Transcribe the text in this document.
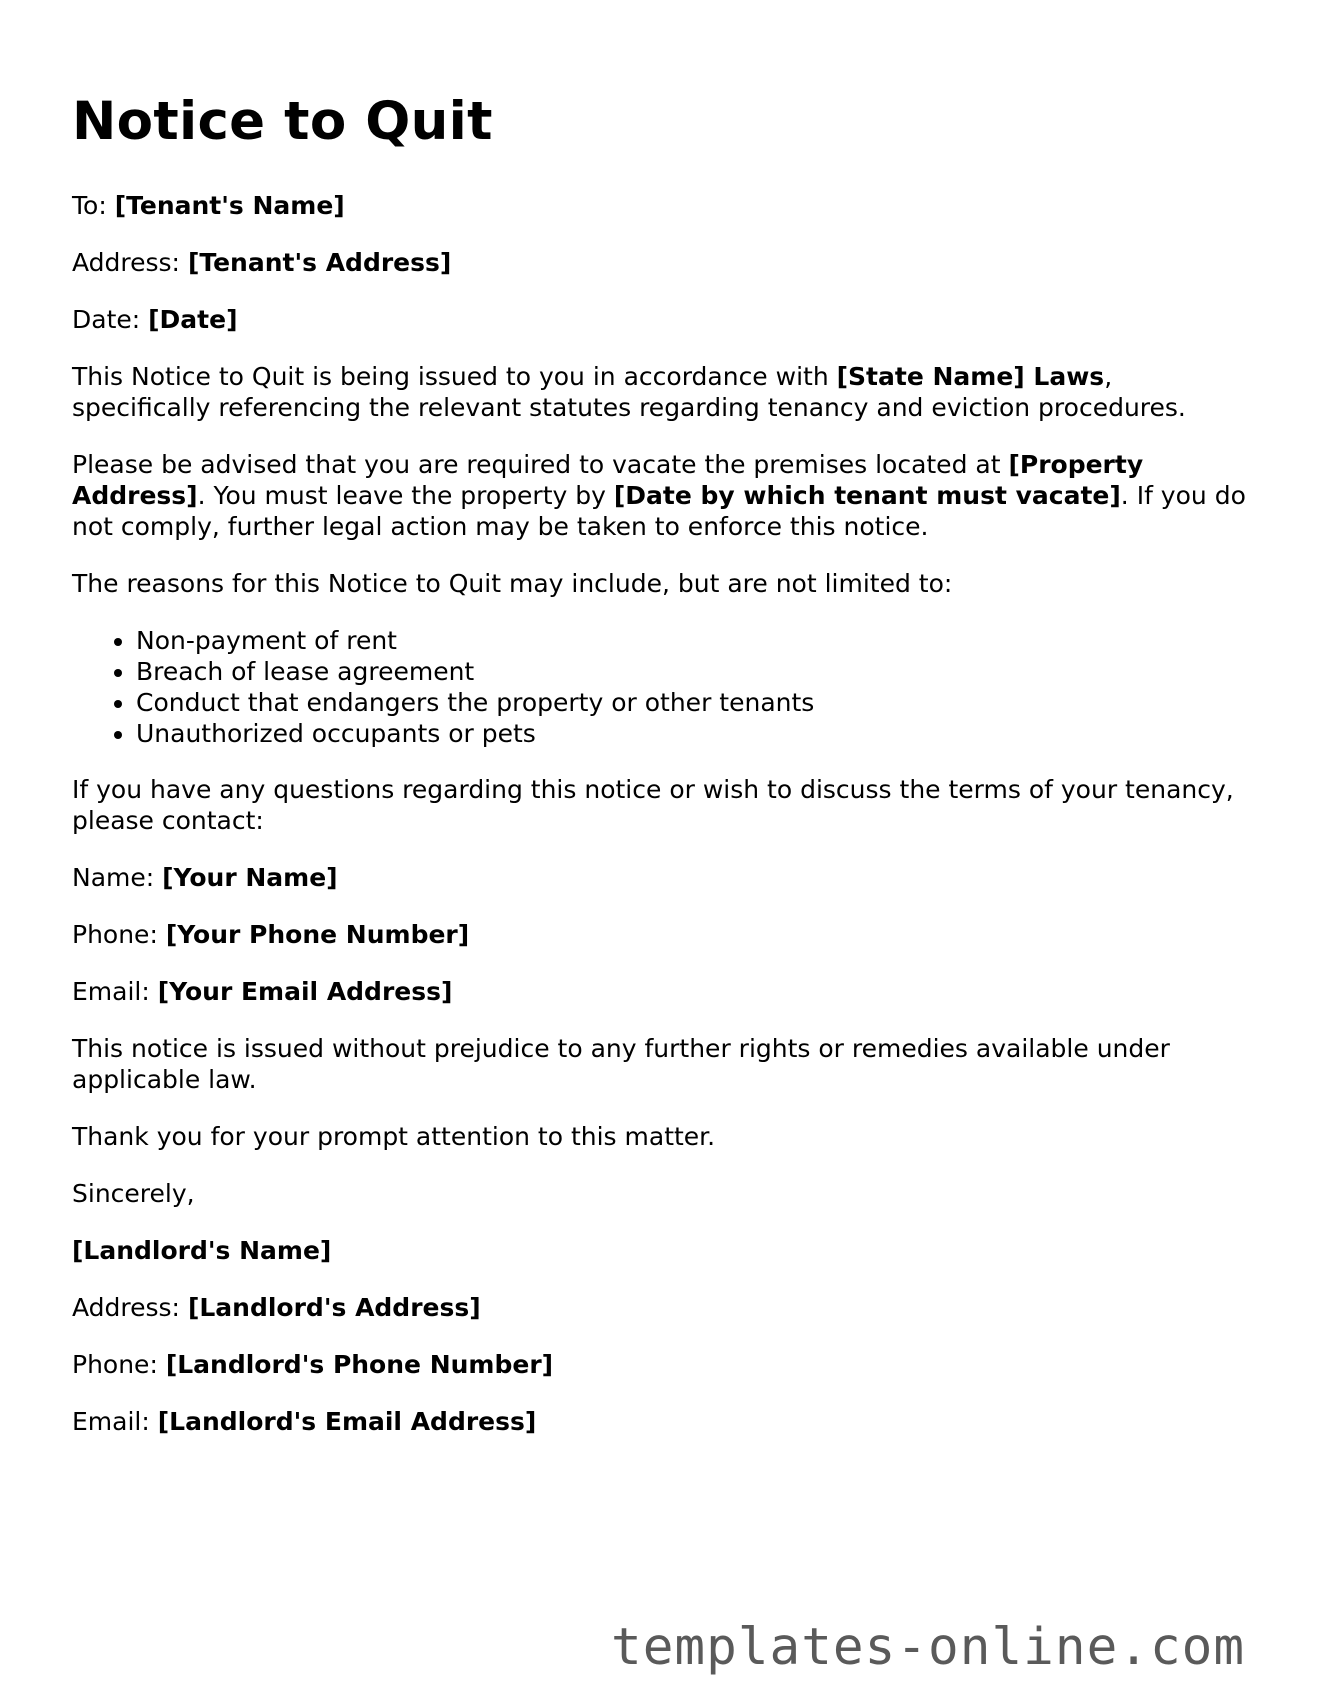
Notice to Quit

To: [Tenant's Name]

Address: [Tenant's Address]

Date: [Date]

This Notice to Quit is being issued to you in accordance with [State Name] Laws, specifically referencing the relevant statutes regarding tenancy and eviction procedures.

Please be advised that you are required to vacate the premises located at [Property Address]. You must leave the property by [Date by which tenant must vacate]. If you do not comply, further legal action may be taken to enforce this notice.

The reasons for this Notice to Quit may include, but are not limited to:

• Non-payment of rent
• Breach of lease agreement
• Conduct that endangers the property or other tenants
• Unauthorized occupants or pets

If you have any questions regarding this notice or wish to discuss the terms of your tenancy, please contact:

Name: [Your Name]

Phone: [Your Phone Number]

Email: [Your Email Address]

This notice is issued without prejudice to any further rights or remedies available under applicable law.

Thank you for your prompt attention to this matter.

Sincerely,

[Landlord's Name]

Address: [Landlord's Address]

Phone: [Landlord's Phone Number]

Email: [Landlord's Email Address]

templates-online.com
